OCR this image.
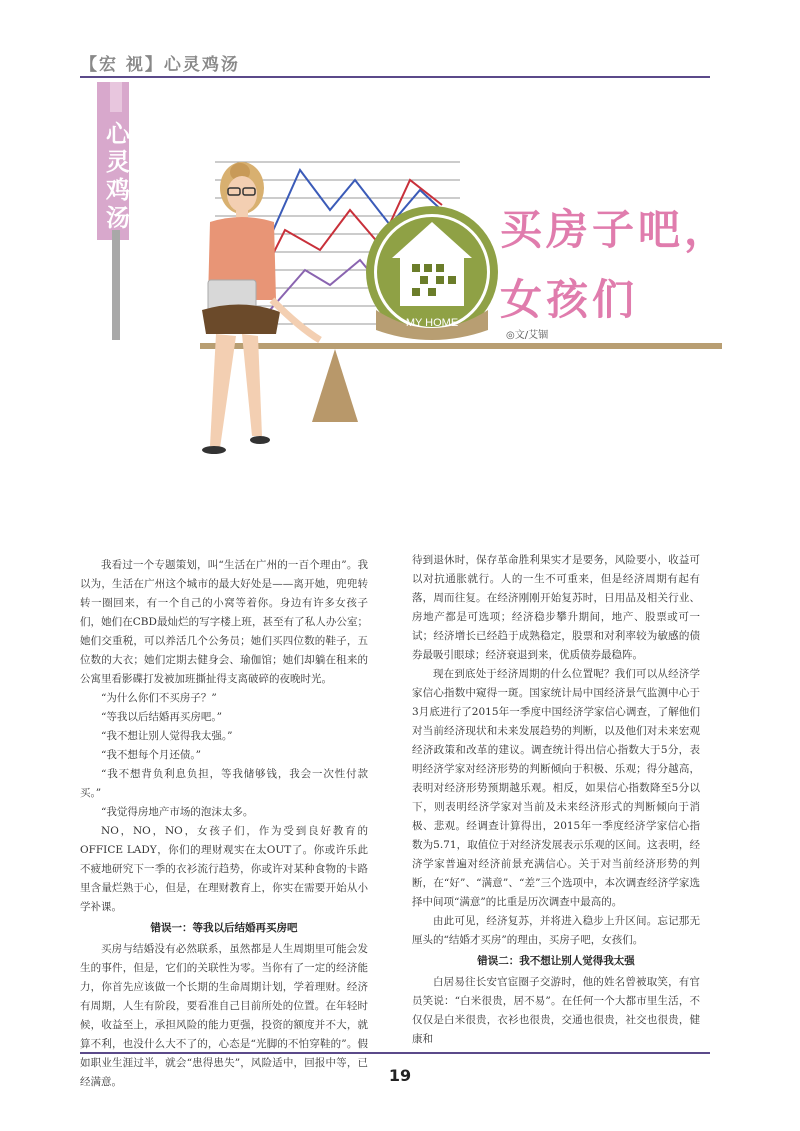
【宏 视】心灵鸡汤
心
灵
鸡
汤
MY HOME
买房子吧，
女孩们
◎文/艾锢

我看过一个专题策划，叫“生活在广州的一百个理由”。我以为，生活在广州这个城市的最大好处是——离开她，兜兜转转一圈回来，有一个自己的小窝等着你。身边有许多女孩子们，她们在CBD最灿烂的写字楼上班，甚至有了私人办公室；她们交重税，可以养活几个公务员；她们买四位数的鞋子，五位数的大衣；她们定期去健身会、瑜伽馆；她们却躺在租来的公寓里看影碟打发被加班撕扯得支离破碎的夜晚时光。

“为什么你们不买房子？”

“等我以后结婚再买房吧。”

“我不想让别人觉得我太强。”

“我不想每个月还债。”

“我不想背负利息负担，等我储够钱，我会一次性付款买。”

“我觉得房地产市场的泡沫太多。

NO，NO，NO，女孩子们，作为受到良好教育的OFFICE LADY，你们的理财观实在太OUT了。你或许乐此不疲地研究下一季的衣衫流行趋势，你或许对某种食物的卡路里含量烂熟于心，但是，在理财教育上，你实在需要开始从小学补课。

错误一：等我以后结婚再买房吧

买房与结婚没有必然联系，虽然都是人生周期里可能会发生的事件，但是，它们的关联性为零。当你有了一定的经济能力，你首先应该做一个长期的生命周期计划，学着理财。经济有周期，人生有阶段，要看准自己目前所处的位置。在年轻时候，收益至上，承担风险的能力更强，投资的额度并不大，就算不利，也没什么大不了的，心态是“光脚的不怕穿鞋的”。假如职业生涯过半，就会“患得患失”，风险适中，回报中等，已经满意。

待到退休时，保存革命胜利果实才是要务，风险要小，收益可以对抗通胀就行。人的一生不可重来，但是经济周期有起有落，周而往复。在经济刚刚开始复苏时，日用品及相关行业、房地产都是可选项；经济稳步攀升期间，地产、股票或可一试；经济增长已经趋于成熟稳定，股票和对利率较为敏感的债券最吸引眼球；经济衰退到来，优质债券最稳阵。

现在到底处于经济周期的什么位置呢？我们可以从经济学家信心指数中窥得一斑。国家统计局中国经济景气监测中心于3月底进行了2015年一季度中国经济学家信心调查，了解他们对当前经济现状和未来发展趋势的判断，以及他们对未来宏观经济政策和改革的建议。调查统计得出信心指数大于5分，表明经济学家对经济形势的判断倾向于积极、乐观；得分越高，表明对经济形势预期越乐观。相反，如果信心指数降至5分以下，则表明经济学家对当前及未来经济形式的判断倾向于消极、悲观。经调查计算得出，2015年一季度经济学家信心指数为5.71，取值位于对经济发展表示乐观的区间。这表明，经济学家普遍对经济前景充满信心。关于对当前经济形势的判断，在“好”、“满意”、“差”三个选项中，本次调查经济学家选择中间项“满意”的比重是历次调查中最高的。

由此可见，经济复苏，并将进入稳步上升区间。忘记那无厘头的“结婚才买房”的理由，买房子吧，女孩们。

错误二：我不想让别人觉得我太强

白居易往长安官宦圈子交游时，他的姓名曾被取笑，有官员笑说：“白米很贵，居不易”。在任何一个大都市里生活，不仅仅是白米很贵，衣衫也很贵，交通也很贵，社交也很贵，健康和

19
